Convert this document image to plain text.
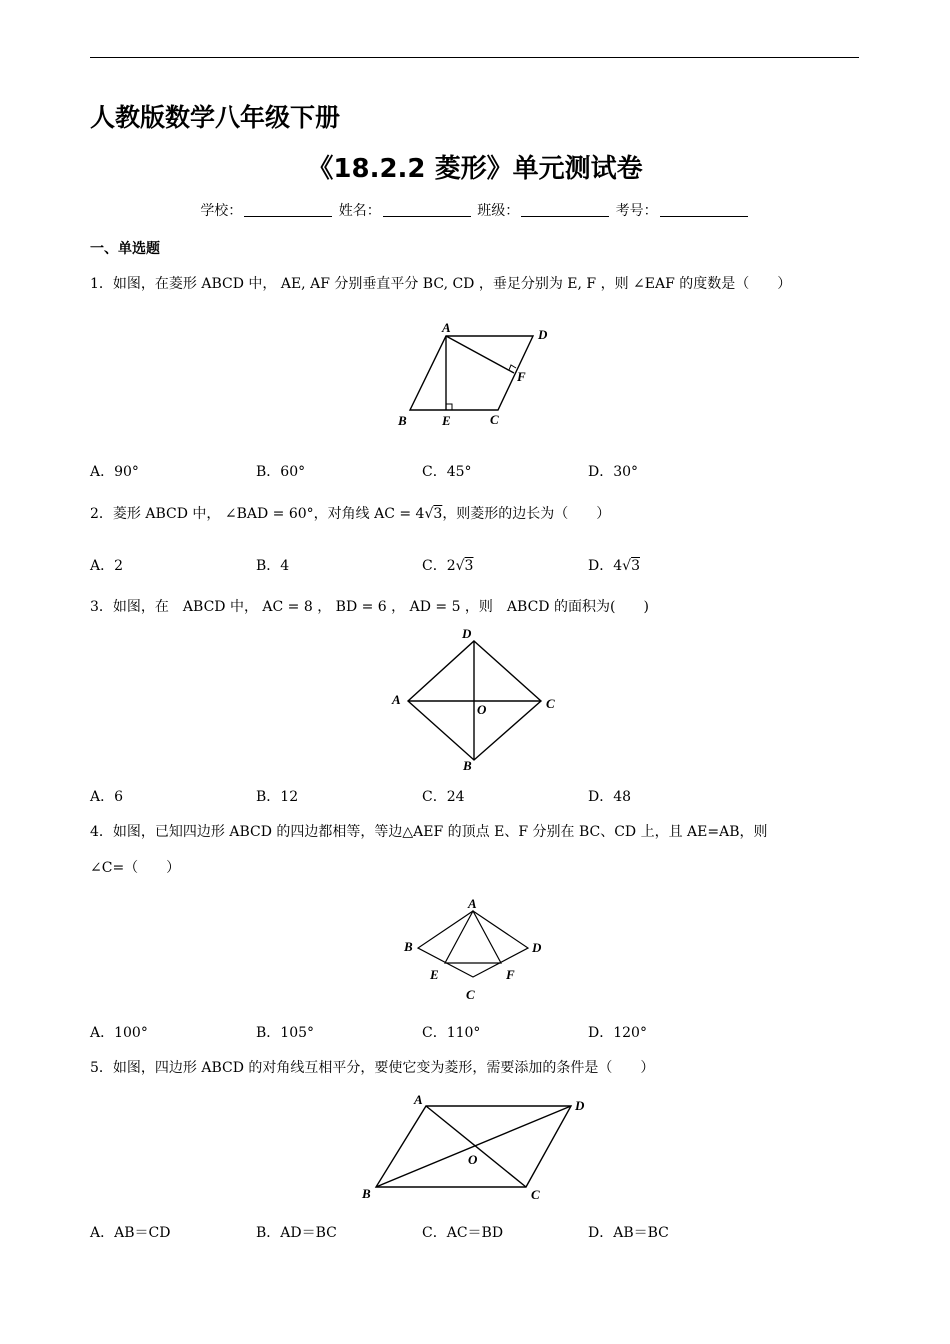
人教版数学八年级下册
《18.2.2 菱形》单元测试卷
学校：	姓名：	班级：	考号：
一、单选题
1．如图，在菱形 ABCD 中， AE, AF 分别垂直平分 BC, CD ，垂足分别为 E, F ，则 ∠EAF 的度数是（　　）
A	D
F
B	E	C
A．90°	B．60°	C．45°	D．30°
2．菱形 ABCD 中， ∠BAD = 60°，对角线 AC = 4√3，则菱形的边长为（　　）
A．2	B．4	C．2√3	D．4√3
3．如图，在　ABCD 中， AC = 8 ， BD = 6 ， AD = 5 ，则　ABCD 的面积为(　　)
D
C
A
O
B
A．6	B．12	C．24	D．48
4．如图，已知四边形 ABCD 的四边都相等，等边△AEF 的顶点 E、F 分别在 BC、CD 上，且 AE=AB，则
∠C=（　　）
A
B	D
E	F
C
A．100°	B．105°	C．110°	D．120°
5．如图，四边形 ABCD 的对角线互相平分，要使它变为菱形，需要添加的条件是（　　）
A	D
O
B	C
A．AB＝CD	B．AD＝BC	C．AC＝BD	D．AB＝BC
